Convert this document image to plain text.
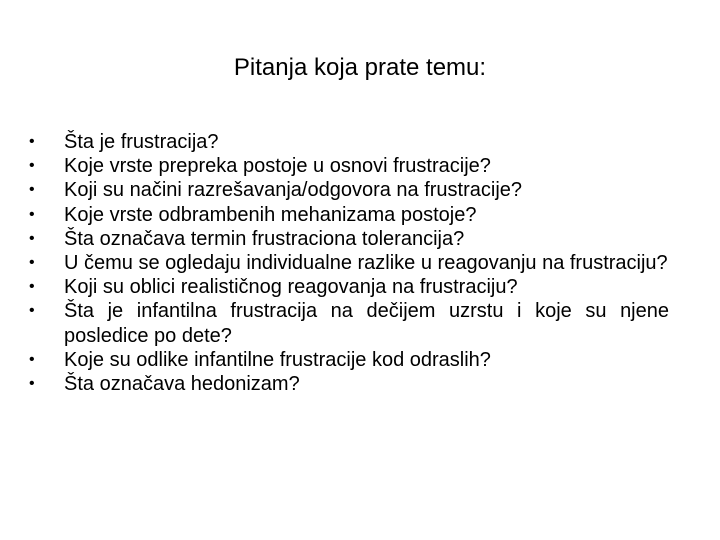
Pitanja koja prate temu:
•	Šta je frustracija?
•	Koje vrste prepreka postoje u osnovi frustracije?
•	Koji su načini razrešavanja/odgovora na frustracije?
•	Koje vrste odbrambenih mehanizama postoje?
•	Šta označava termin frustraciona tolerancija?
•	U čemu se ogledaju individualne razlike u reagovanju na frustraciju?
•	Koji su oblici realističnog reagovanja na frustraciju?
•	Šta je infantilna frustracija na dečijem uzrstu i koje su njene posledice po dete?
•	Koje su odlike infantilne frustracije kod odraslih?
•	Šta označava hedonizam?
